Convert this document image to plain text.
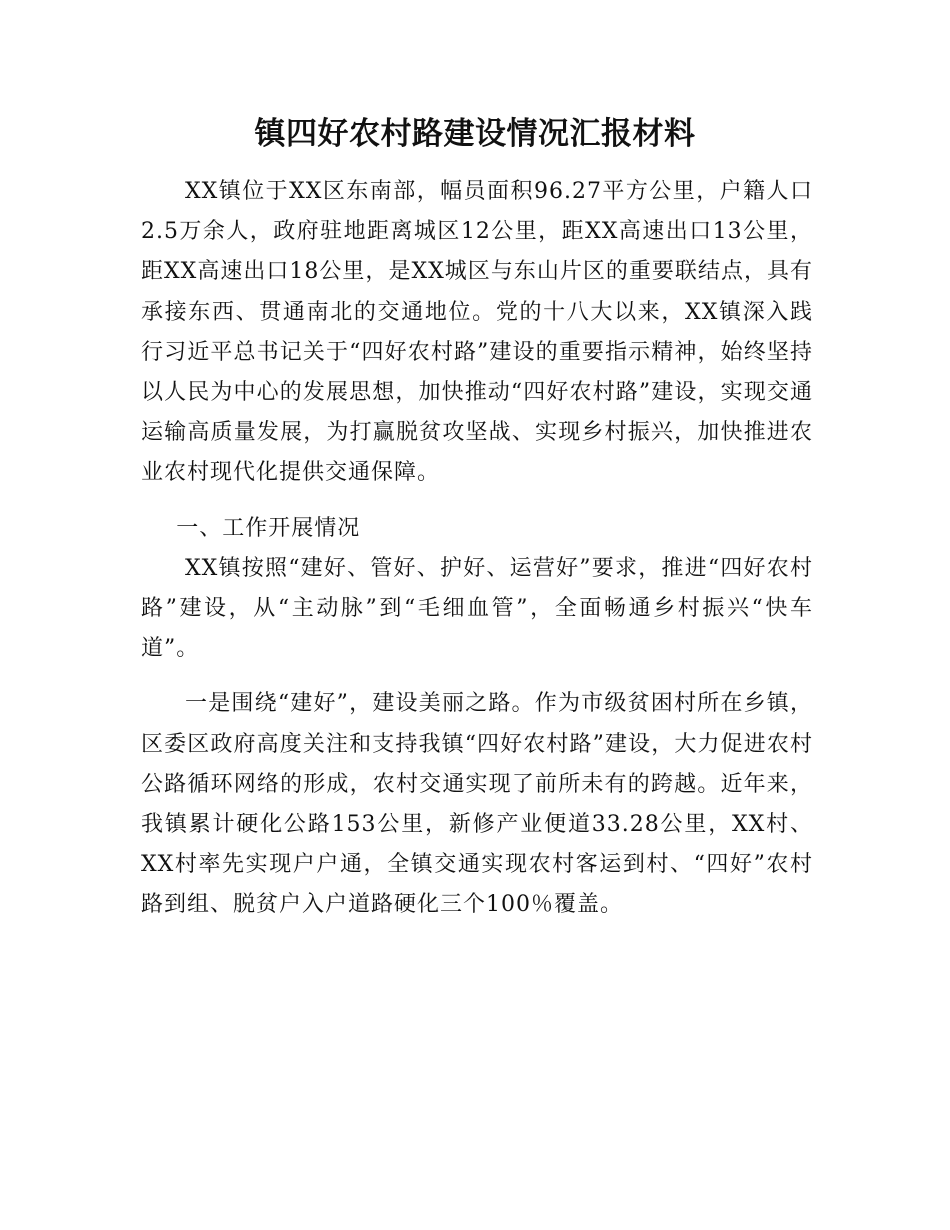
镇四好农村路建设情况汇报材料

XX镇位于XX区东南部，幅员面积96.27平方公里，户籍人口2.5万余人，政府驻地距离城区12公里，距XX高速出口13公里，距XX高速出口18公里，是XX城区与东山片区的重要联结点，具有承接东西、贯通南北的交通地位。党的十八大以来，XX镇深入践行习近平总书记关于“四好农村路”建设的重要指示精神，始终坚持以人民为中心的发展思想，加快推动“四好农村路”建设，实现交通运输高质量发展，为打赢脱贫攻坚战、实现乡村振兴，加快推进农业农村现代化提供交通保障。

一、工作开展情况

XX镇按照“建好、管好、护好、运营好”要求，推进“四好农村路”建设，从“主动脉”到“毛细血管”，全面畅通乡村振兴“快车道”。

一是围绕“建好”，建设美丽之路。作为市级贫困村所在乡镇，区委区政府高度关注和支持我镇“四好农村路”建设，大力促进农村公路循环网络的形成，农村交通实现了前所未有的跨越。近年来，我镇累计硬化公路153公里，新修产业便道33.28公里，XX村、XX村率先实现户户通，全镇交通实现农村客运到村、“四好”农村路到组、脱贫户入户道路硬化三个100％覆盖。
